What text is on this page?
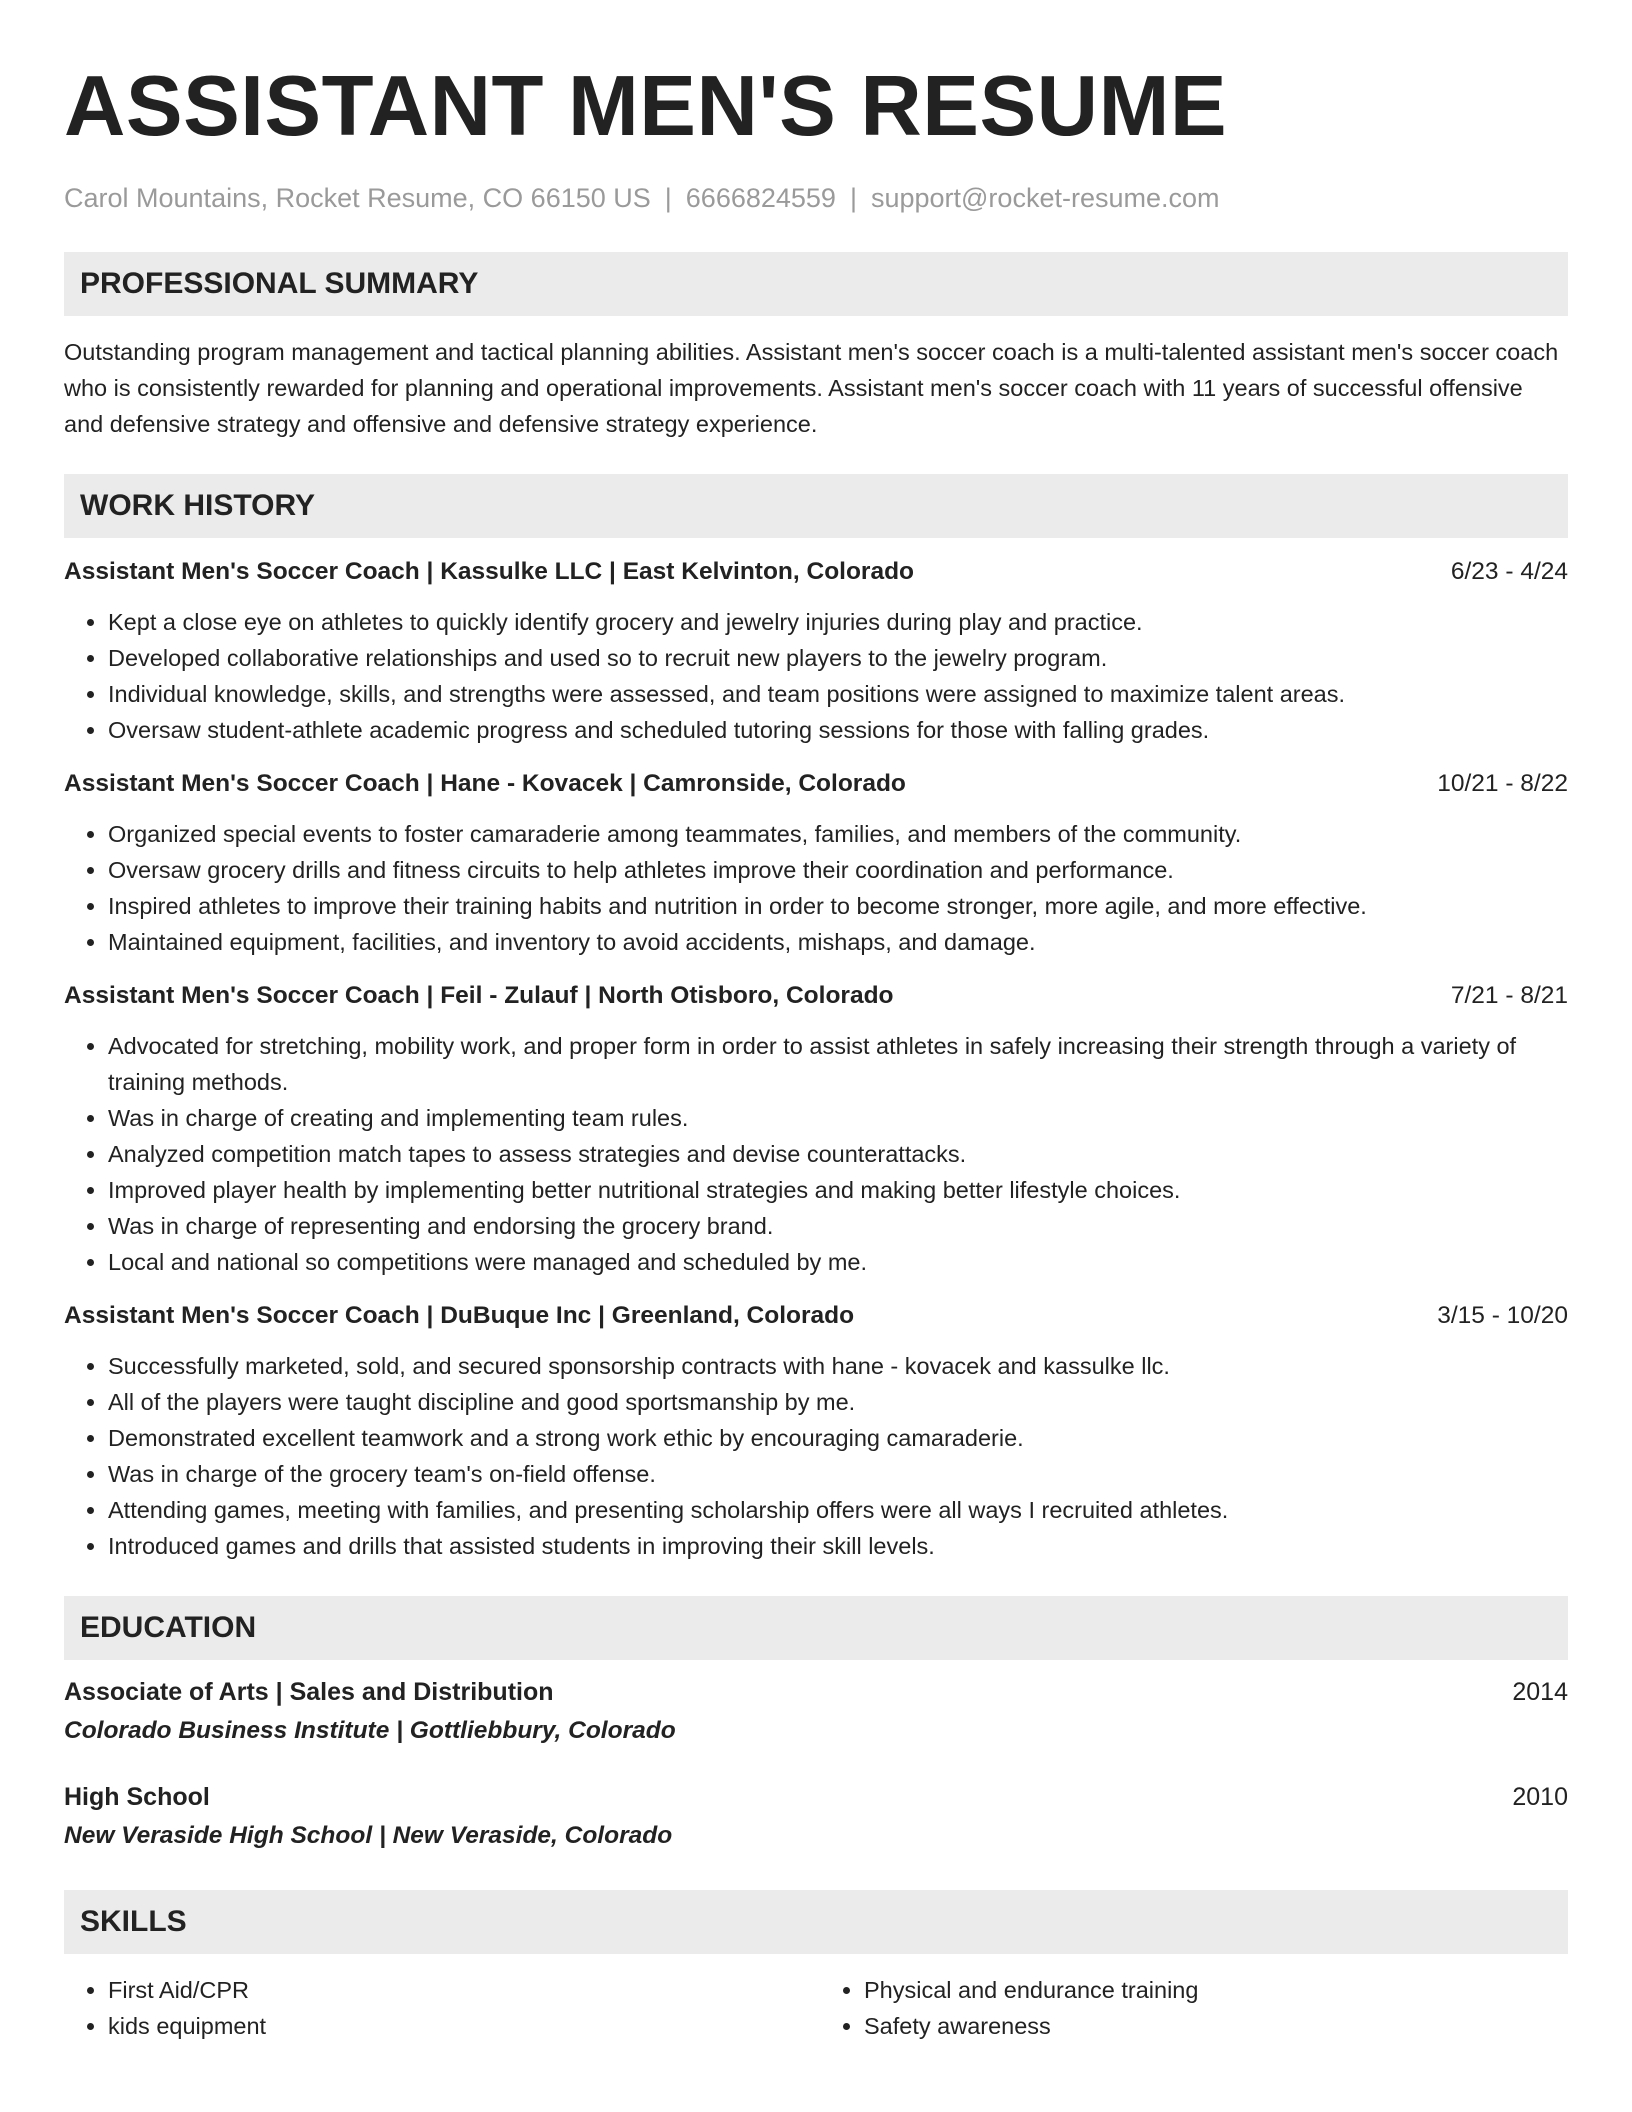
ASSISTANT MEN'S RESUME
Carol Mountains, Rocket Resume, CO 66150 US | 6666824559 | support@rocket-resume.com
PROFESSIONAL SUMMARY
Outstanding program management and tactical planning abilities. Assistant men's soccer coach is a multi-talented assistant men's soccer coach who is consistently rewarded for planning and operational improvements. Assistant men's soccer coach with 11 years of successful offensive and defensive strategy and offensive and defensive strategy experience.
WORK HISTORY
Assistant Men's Soccer Coach | Kassulke LLC | East Kelvinton, Colorado	6/23 - 4/24
• Kept a close eye on athletes to quickly identify grocery and jewelry injuries during play and practice.
• Developed collaborative relationships and used so to recruit new players to the jewelry program.
• Individual knowledge, skills, and strengths were assessed, and team positions were assigned to maximize talent areas.
• Oversaw student-athlete academic progress and scheduled tutoring sessions for those with falling grades.
Assistant Men's Soccer Coach | Hane - Kovacek | Camronside, Colorado	10/21 - 8/22
• Organized special events to foster camaraderie among teammates, families, and members of the community.
• Oversaw grocery drills and fitness circuits to help athletes improve their coordination and performance.
• Inspired athletes to improve their training habits and nutrition in order to become stronger, more agile, and more effective.
• Maintained equipment, facilities, and inventory to avoid accidents, mishaps, and damage.
Assistant Men's Soccer Coach | Feil - Zulauf | North Otisboro, Colorado	7/21 - 8/21
• Advocated for stretching, mobility work, and proper form in order to assist athletes in safely increasing their strength through a variety of training methods.
• Was in charge of creating and implementing team rules.
• Analyzed competition match tapes to assess strategies and devise counterattacks.
• Improved player health by implementing better nutritional strategies and making better lifestyle choices.
• Was in charge of representing and endorsing the grocery brand.
• Local and national so competitions were managed and scheduled by me.
Assistant Men's Soccer Coach | DuBuque Inc | Greenland, Colorado	3/15 - 10/20
• Successfully marketed, sold, and secured sponsorship contracts with hane - kovacek and kassulke llc.
• All of the players were taught discipline and good sportsmanship by me.
• Demonstrated excellent teamwork and a strong work ethic by encouraging camaraderie.
• Was in charge of the grocery team's on-field offense.
• Attending games, meeting with families, and presenting scholarship offers were all ways I recruited athletes.
• Introduced games and drills that assisted students in improving their skill levels.
EDUCATION
Associate of Arts | Sales and Distribution	2014
Colorado Business Institute | Gottliebbury, Colorado
High School	2010
New Veraside High School | New Veraside, Colorado
SKILLS
• First Aid/CPR
• kids equipment
• Physical and endurance training
• Safety awareness
